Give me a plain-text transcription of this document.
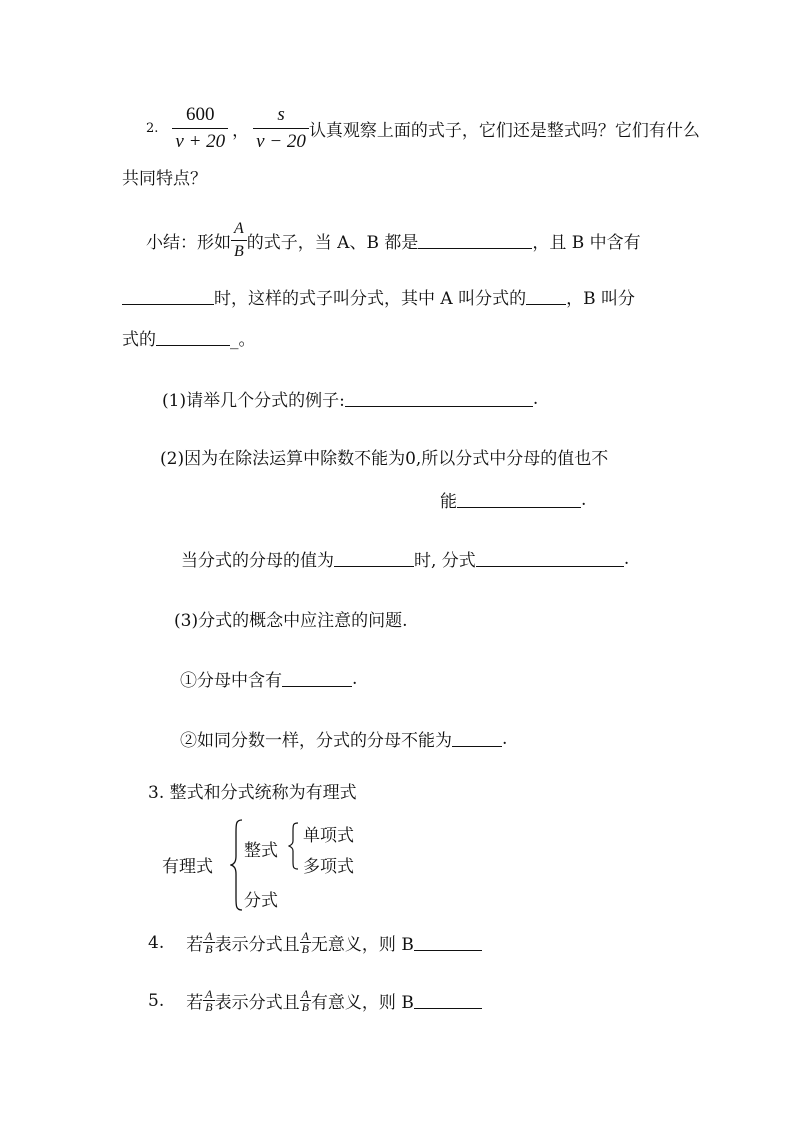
2. $\frac{600}{v + 20}$ ， $\frac{s}{v - 20}$ 认真观察上面的式子，它们还是整式吗？它们有什么
共同特点？
小结：形如 $\frac{A}{B}$ 的式子，当 A、B 都是	，且 B 中含有
时，这样的式子叫分式，其中 A 叫分式的 ，B 叫分
式的	_。
(1)请举几个分式的例子:	.
(2)因为在除法运算中除数不能为0,所以分式中分母的值也不
能	.
当分式的分母的值为	时, 分式	.
(3)分式的概念中应注意的问题.
①分母中含有	.
②如同分数一样，分式的分母不能为	.
3. 整式和分式统称为有理式
有理式
整式
单项式
多项式
分式
4. 若 $\frac{A}{B}$ 表示分式且 $\frac{A}{B}$ 无意义，则 B
5. 若 $\frac{A}{B}$ 表示分式且 $\frac{A}{B}$ 有意义，则 B
